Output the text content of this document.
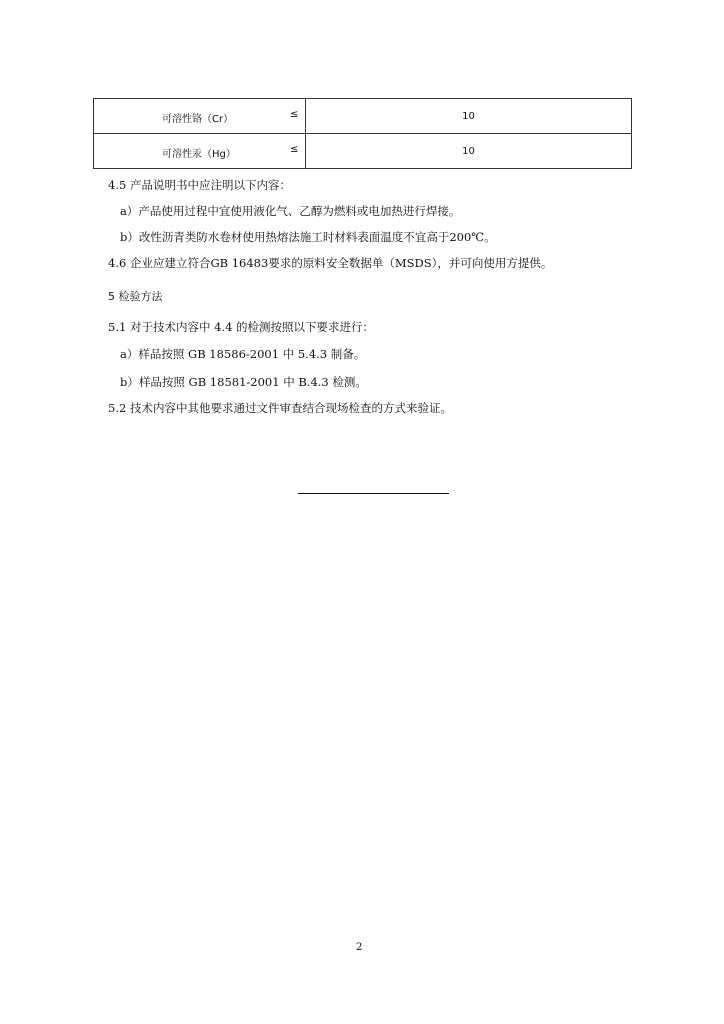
可溶性铬（Cr） ≤	10

可溶性汞（Hg） ≤	10
4.5 产品说明书中应注明以下内容：
a）产品使用过程中宜使用液化气、乙醇为燃料或电加热进行焊接。
b）改性沥青类防水卷材使用热熔法施工时材料表面温度不宜高于200℃。
4.6 企业应建立符合GB 16483要求的原料安全数据单（MSDS），并可向使用方提供。
5 检验方法
5.1 对于技术内容中 4.4 的检测按照以下要求进行：
a）样品按照 GB 18586-2001 中 5.4.3 制备。
b）样品按照 GB 18581-2001 中 B.4.3 检测。
5.2 技术内容中其他要求通过文件审查结合现场检查的方式来验证。
2
